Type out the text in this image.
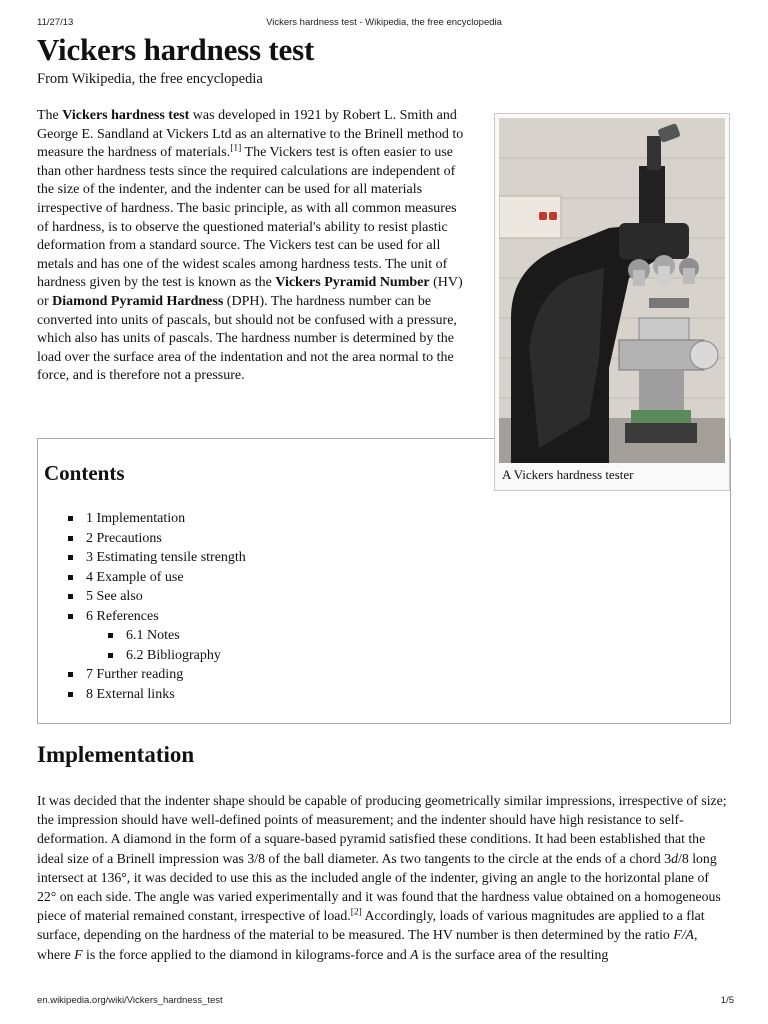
11/27/13	Vickers hardness test - Wikipedia, the free encyclopedia
Vickers hardness test
From Wikipedia, the free encyclopedia

The Vickers hardness test was developed in 1921 by Robert L. Smith and George E. Sandland at Vickers Ltd as an alternative to the Brinell method to measure the hardness of materials.[1] The Vickers test is often easier to use than other hardness tests since the required calculations are independent of the size of the indenter, and the indenter can be used for all materials irrespective of hardness. The basic principle, as with all common measures of hardness, is to observe the questioned material's ability to resist plastic deformation from a standard source. The Vickers test can be used for all metals and has one of the widest scales among hardness tests. The unit of hardness given by the test is known as the Vickers Pyramid Number (HV) or Diamond Pyramid Hardness (DPH). The hardness number can be converted into units of pascals, but should not be confused with a pressure, which also has units of pascals. The hardness number is determined by the load over the surface area of the indentation and not the area normal to the force, and is therefore not a pressure.

Contents
1 Implementation
2 Precautions
3 Estimating tensile strength
4 Example of use
5 See also
6 References
6.1 Notes
6.2 Bibliography
7 Further reading
8 External links
A Vickers hardness tester
Implementation

It was decided that the indenter shape should be capable of producing geometrically similar impressions, irrespective of size; the impression should have well-defined points of measurement; and the indenter should have high resistance to self-deformation. A diamond in the form of a square-based pyramid satisfied these conditions. It had been established that the ideal size of a Brinell impression was 3/8 of the ball diameter. As two tangents to the circle at the ends of a chord 3d/8 long intersect at 136°, it was decided to use this as the included angle of the indenter, giving an angle to the horizontal plane of 22° on each side. The angle was varied experimentally and it was found that the hardness value obtained on a homogeneous piece of material remained constant, irrespective of load.[2] Accordingly, loads of various magnitudes are applied to a flat surface, depending on the hardness of the material to be measured. The HV number is then determined by the ratio F/A, where F is the force applied to the diamond in kilograms-force and A is the surface area of the resulting

en.wikipedia.org/wiki/Vickers_hardness_test	1/5
